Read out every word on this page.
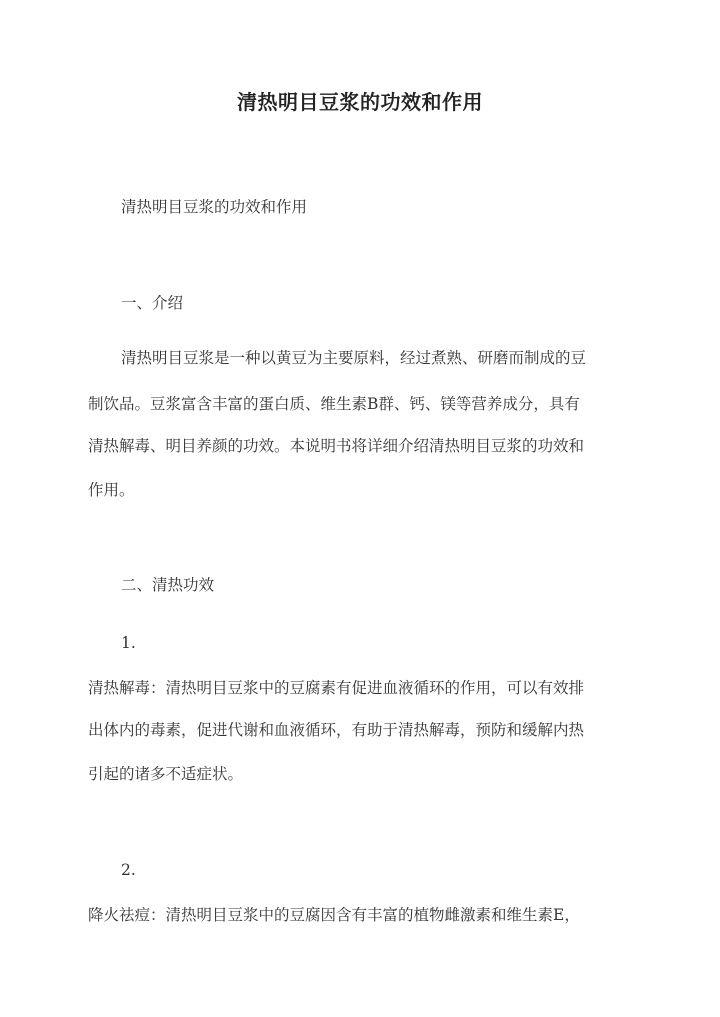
清热明目豆浆的功效和作用
清热明目豆浆的功效和作用
一、介绍
清热明目豆浆是一种以黄豆为主要原料，经过煮熟、研磨而制成的豆
制饮品。豆浆富含丰富的蛋白质、维生素B群、钙、镁等营养成分，具有
清热解毒、明目养颜的功效。本说明书将详细介绍清热明目豆浆的功效和
作用。
二、清热功效
1.
清热解毒：清热明目豆浆中的豆腐素有促进血液循环的作用，可以有效排
出体内的毒素，促进代谢和血液循环，有助于清热解毒，预防和缓解内热
引起的诸多不适症状。
2.
降火祛痘：清热明目豆浆中的豆腐因含有丰富的植物雌激素和维生素E，
